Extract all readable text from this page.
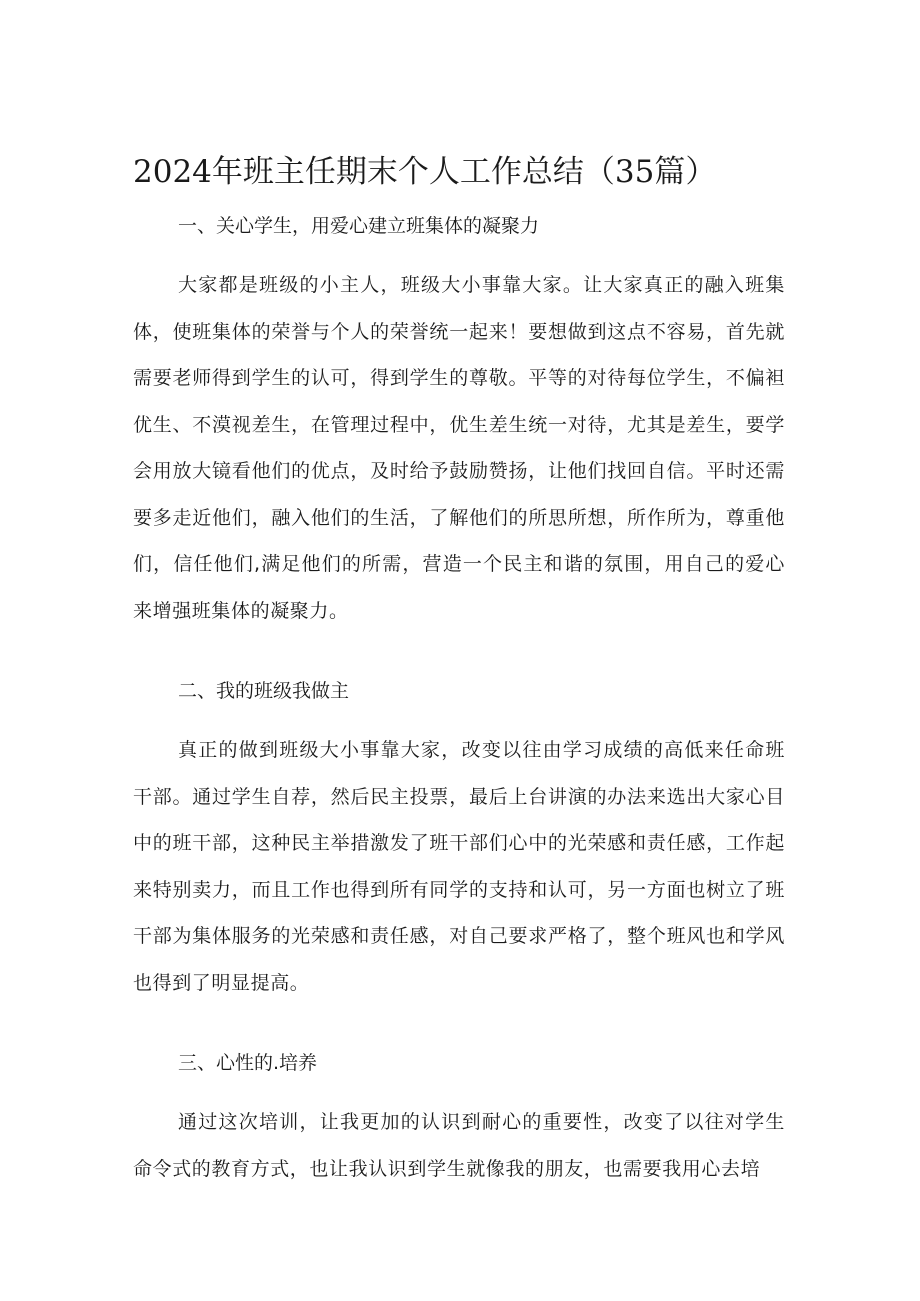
2024年班主任期末个人工作总结（35篇）

一、关心学生，用爱心建立班集体的凝聚力

大家都是班级的小主人，班级大小事靠大家。让大家真正的融入班集体，使班集体的荣誉与个人的荣誉统一起来！要想做到这点不容易，首先就需要老师得到学生的认可，得到学生的尊敬。平等的对待每位学生，不偏袒优生、不漠视差生，在管理过程中，优生差生统一对待，尤其是差生，要学会用放大镜看他们的优点，及时给予鼓励赞扬，让他们找回自信。平时还需要多走近他们，融入他们的生活，了解他们的所思所想，所作所为，尊重他们，信任他们,满足他们的所需，营造一个民主和谐的氛围，用自己的爱心来增强班集体的凝聚力。

二、我的班级我做主

真正的做到班级大小事靠大家，改变以往由学习成绩的高低来任命班干部。通过学生自荐，然后民主投票，最后上台讲演的办法来选出大家心目中的班干部，这种民主举措激发了班干部们心中的光荣感和责任感，工作起来特别卖力，而且工作也得到所有同学的支持和认可，另一方面也树立了班干部为集体服务的光荣感和责任感，对自己要求严格了，整个班风也和学风也得到了明显提高。

三、心性的.培养

通过这次培训，让我更加的认识到耐心的重要性，改变了以往对学生命令式的教育方式，也让我认识到学生就像我的朋友，也需要我用心去培
